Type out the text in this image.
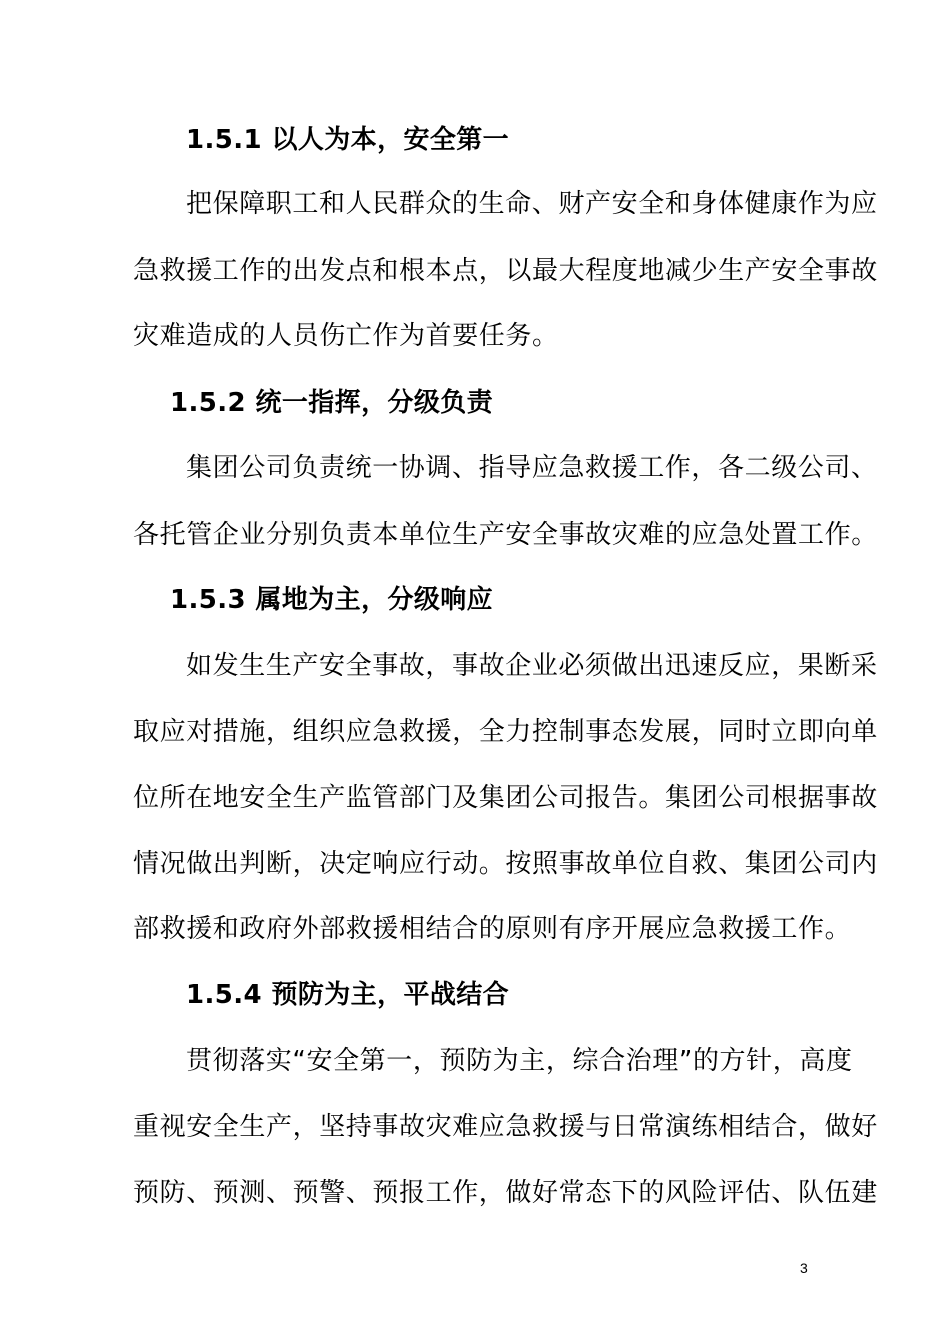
1.5.1 以人为本，安全第一
把保障职工和人民群众的生命、财产安全和身体健康作为应
急救援工作的出发点和根本点，以最大程度地减少生产安全事故
灾难造成的人员伤亡作为首要任务。
1.5.2 统一指挥，分级负责
集团公司负责统一协调、指导应急救援工作，各二级公司、
各托管企业分别负责本单位生产安全事故灾难的应急处置工作。
1.5.3 属地为主，分级响应
如发生生产安全事故，事故企业必须做出迅速反应，果断采
取应对措施，组织应急救援，全力控制事态发展，同时立即向单
位所在地安全生产监管部门及集团公司报告。集团公司根据事故
情况做出判断，决定响应行动。按照事故单位自救、集团公司内
部救援和政府外部救援相结合的原则有序开展应急救援工作。
1.5.4 预防为主，平战结合
贯彻落实“安全第一，预防为主，综合治理”的方针，高度
重视安全生产，坚持事故灾难应急救援与日常演练相结合，做好
预防、预测、预警、预报工作，做好常态下的风险评估、队伍建
3
